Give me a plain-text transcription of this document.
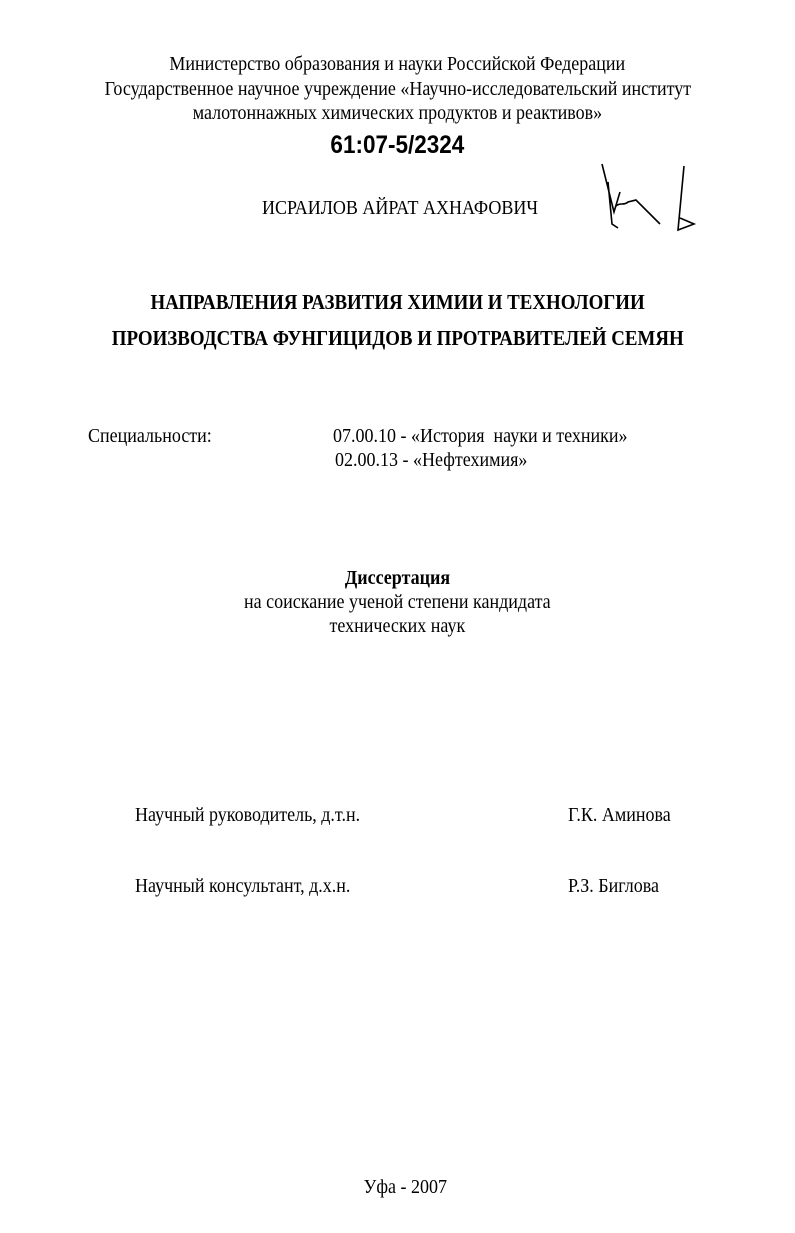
Министерство образования и науки Российской Федерации
Государственное научное учреждение «Научно-исследовательский институт
малотоннажных химических продуктов и реактивов»
61:07-5/2324
ИСРАИЛОВ АЙРАТ АХНАФОВИЧ
НАПРАВЛЕНИЯ РАЗВИТИЯ ХИМИИ И ТЕХНОЛОГИИ
ПРОИЗВОДСТВА ФУНГИЦИДОВ И ПРОТРАВИТЕЛЕЙ СЕМЯН
Специальности:	07.00.10 - «История  науки и техники»
02.00.13 - «Нефтехимия»
Диссертация
на соискание ученой степени кандидата
технических наук
Научный руководитель, д.т.н.	Г.К. Аминова
Научный консультант, д.х.н.	Р.З. Биглова
Уфа - 2007
